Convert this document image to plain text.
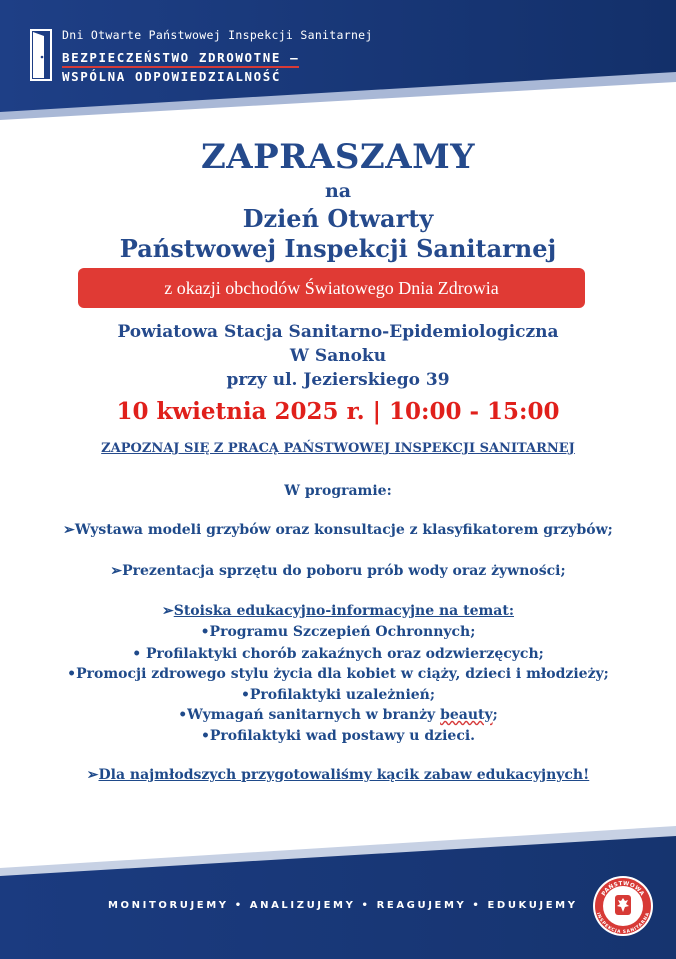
Dni Otwarte Państwowej Inspekcji Sanitarnej
BEZPIECZEŃSTWO ZDROWOTNE –
WSPÓLNA ODPOWIEDZIALNOŚĆ
ZAPRASZAMY
na
Dzień Otwarty
Państwowej Inspekcji Sanitarnej
z okazji obchodów Światowego Dnia Zdrowia
Powiatowa Stacja Sanitarno-Epidemiologiczna
W Sanoku
przy ul. Jezierskiego 39
10 kwietnia 2025 r. | 10:00 - 15:00
ZAPOZNAJ SIĘ Z PRACĄ PAŃSTWOWEJ INSPEKCJI SANITARNEJ
W programie:
➢Wystawa modeli grzybów oraz konsultacje z klasyfikatorem grzybów;
➢Prezentacja sprzętu do poboru prób wody oraz żywności;
➢Stoiska edukacyjno-informacyjne na temat:
•Programu Szczepień Ochronnych;
• Profilaktyki chorób zakaźnych oraz odzwierzęcych;
•Promocji zdrowego stylu życia dla kobiet w ciąży, dzieci i młodzieży;
•Profilaktyki uzależnień;
•Wymagań sanitarnych w branży beauty;
•Profilaktyki wad postawy u dzieci.
➢Dla najmłodszych przygotowaliśmy kącik zabaw edukacyjnych!
MONITORUJEMY • ANALIZUJEMY • REAGUJEMY • EDUKUJEMY
PAŃSTWOWA
INSPEKCJA SANITARNA
